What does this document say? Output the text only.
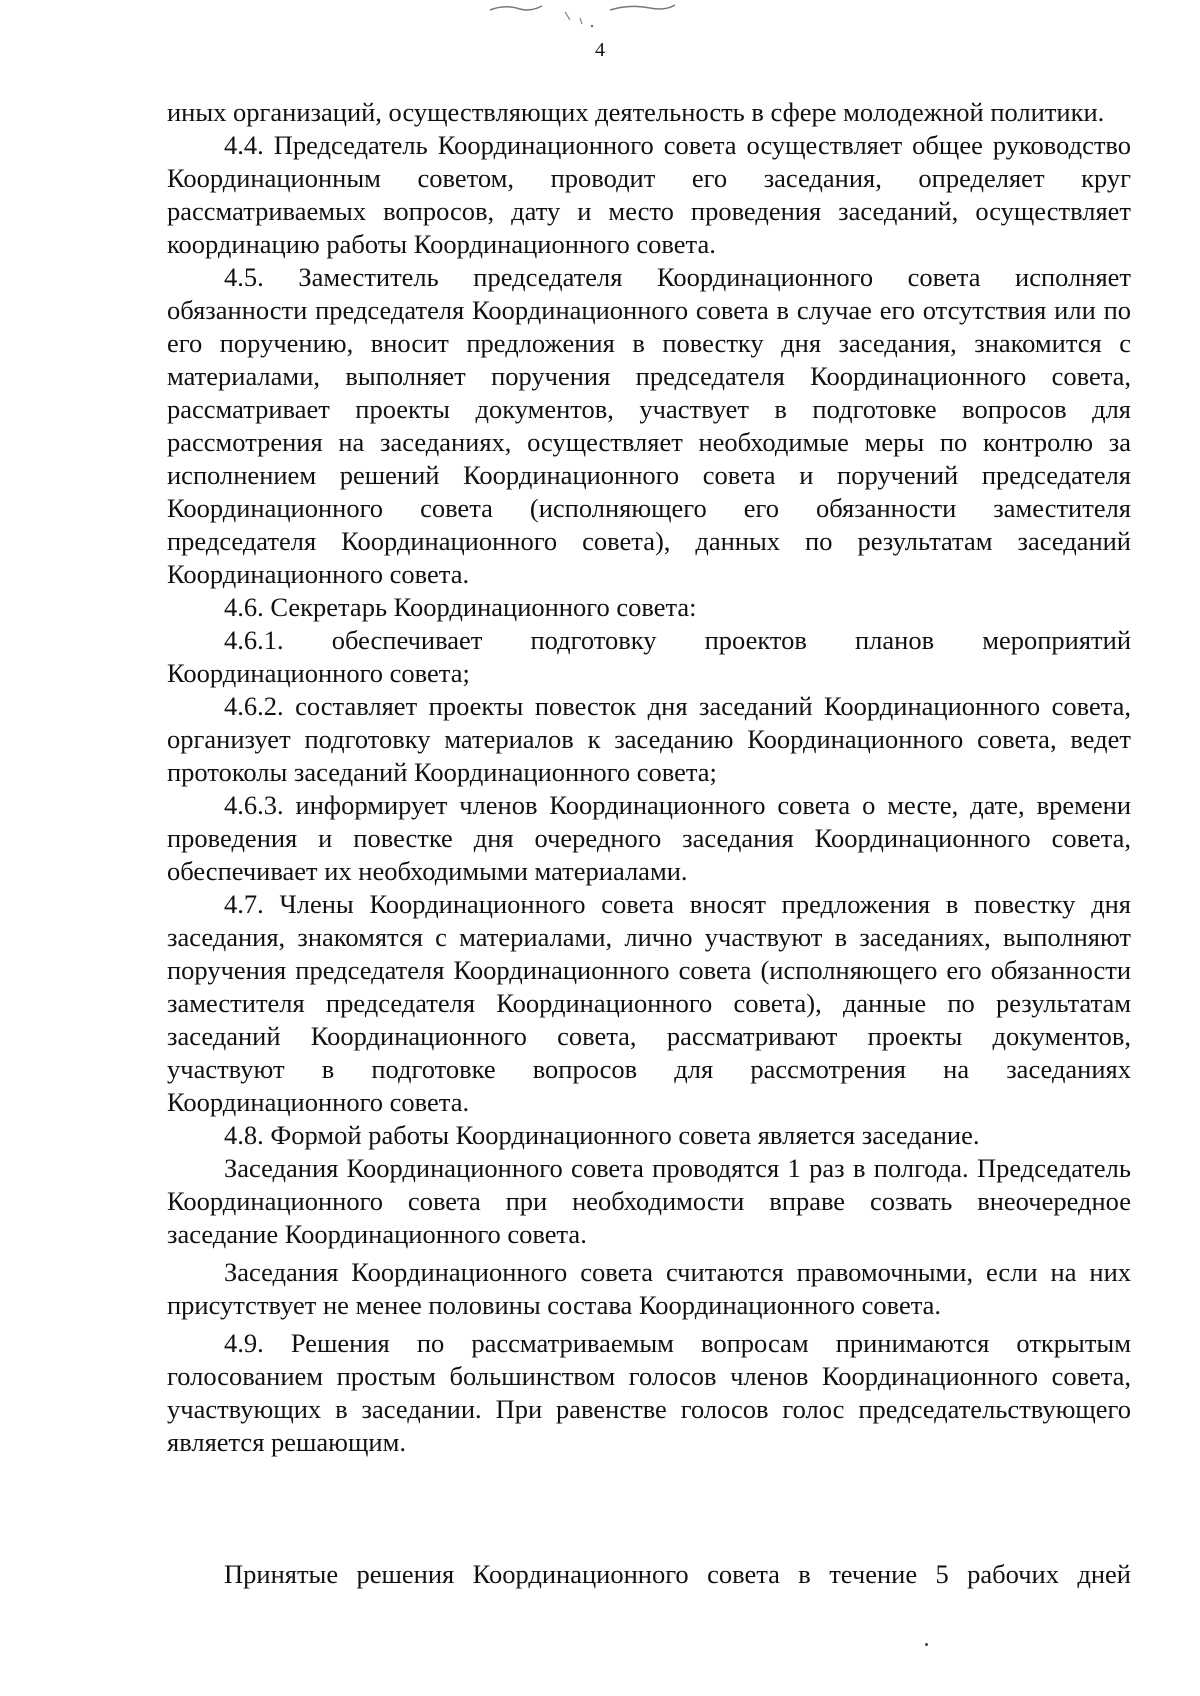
4

иных организаций, осуществляющих деятельность в сфере молодежной политики.

4.4. Председатель Координационного совета осуществляет общее руководство Координационным советом, проводит его заседания, определяет круг рассматриваемых вопросов, дату и место проведения заседаний, осуществляет координацию работы Координационного совета.

4.5. Заместитель председателя Координационного совета исполняет обязанности председателя Координационного совета в случае его отсутствия или по его поручению, вносит предложения в повестку дня заседания, знакомится с материалами, выполняет поручения председателя Координационного совета, рассматривает проекты документов, участвует в подготовке вопросов для рассмотрения на заседаниях, осуществляет необходимые меры по контролю за исполнением решений Координационного совета и поручений председателя Координационного совета (исполняющего его обязанности заместителя председателя Координационного совета), данных по результатам заседаний Координационного совета.

4.6. Секретарь Координационного совета:

4.6.1. обеспечивает подготовку проектов планов мероприятий Координационного совета;

4.6.2. составляет проекты повесток дня заседаний Координационного совета, организует подготовку материалов к заседанию Координационного совета, ведет протоколы заседаний Координационного совета;

4.6.3. информирует членов Координационного совета о месте, дате, времени проведения и повестке дня очередного заседания Координационного совета, обеспечивает их необходимыми материалами.

4.7. Члены Координационного совета вносят предложения в повестку дня заседания, знакомятся с материалами, лично участвуют в заседаниях, выполняют поручения председателя Координационного совета (исполняющего его обязанности заместителя председателя Координационного совета), данные по результатам заседаний Координационного совета, рассматривают проекты документов, участвуют в подготовке вопросов для рассмотрения на заседаниях Координационного совета.

4.8. Формой работы Координационного совета является заседание.

Заседания Координационного совета проводятся 1 раз в полгода. Председатель Координационного совета при необходимости вправе созвать внеочередное заседание Координационного совета.

Заседания Координационного совета считаются правомочными, если на них присутствует не менее половины состава Координационного совета.

4.9. Решения по рассматриваемым вопросам принимаются открытым голосованием простым большинством голосов членов Координационного совета, участвующих в заседании. При равенстве голосов голос председательствующего является решающим.

Принятые решения Координационного совета в течение 5 рабочих дней
